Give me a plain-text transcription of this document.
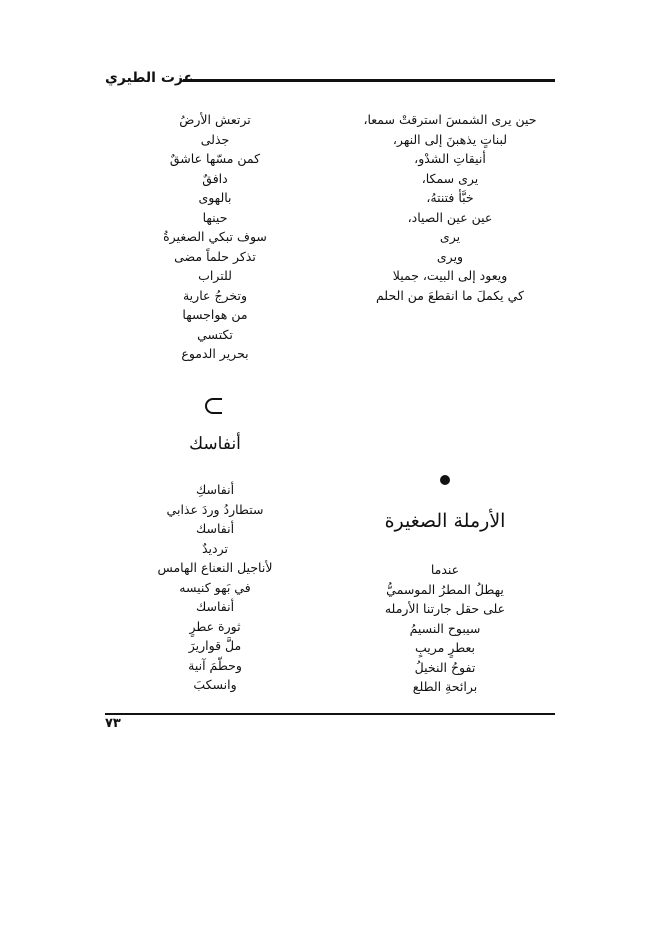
عزت الطيري
حين يرى الشمسَ استرقتْ سمعا،
لبناتٍ يذهبنَ إلى النهر،
أنيقاتِ الشدْو،
يرى سمكا،
خبَّأ فتنتهُ،
عين عين الصياد،
يرى
ويرى
ويعود إلى البيت، جميلا
كي يكملَ ما انقطعَ من الحلم
ترتعش الأرضُ
جذلى
كمن مسّها عاشقٌ
دافقٌ
بالهوى
حينها
سوف تبكي الصغيرةُ
تذكر حلماً مضى
للتراب
وتخرجُ عارية
من هواجسها
تكتسي
بحرير الدموع
أنفاسك
أنفاسكِ
ستطاردُ وردَ عذابي
أنفاسك
ترديدٌ
لأناجيل النعناع الهامس
في بَهو كنيسه
أنفاسك
ثورة عطرٍ
ملَّ قواريرَ
وحطّمَ آنية
وانسكبَ
الأرملة الصغيرة
عندما
يهطلُ المطرُ الموسميُّ
على حقل جارتنا الأرمله
سيبوح النسيمُ
بعطرٍ مريبٍ
تفوحُ النخيلُ
برائحةِ الطلع
٧٣
